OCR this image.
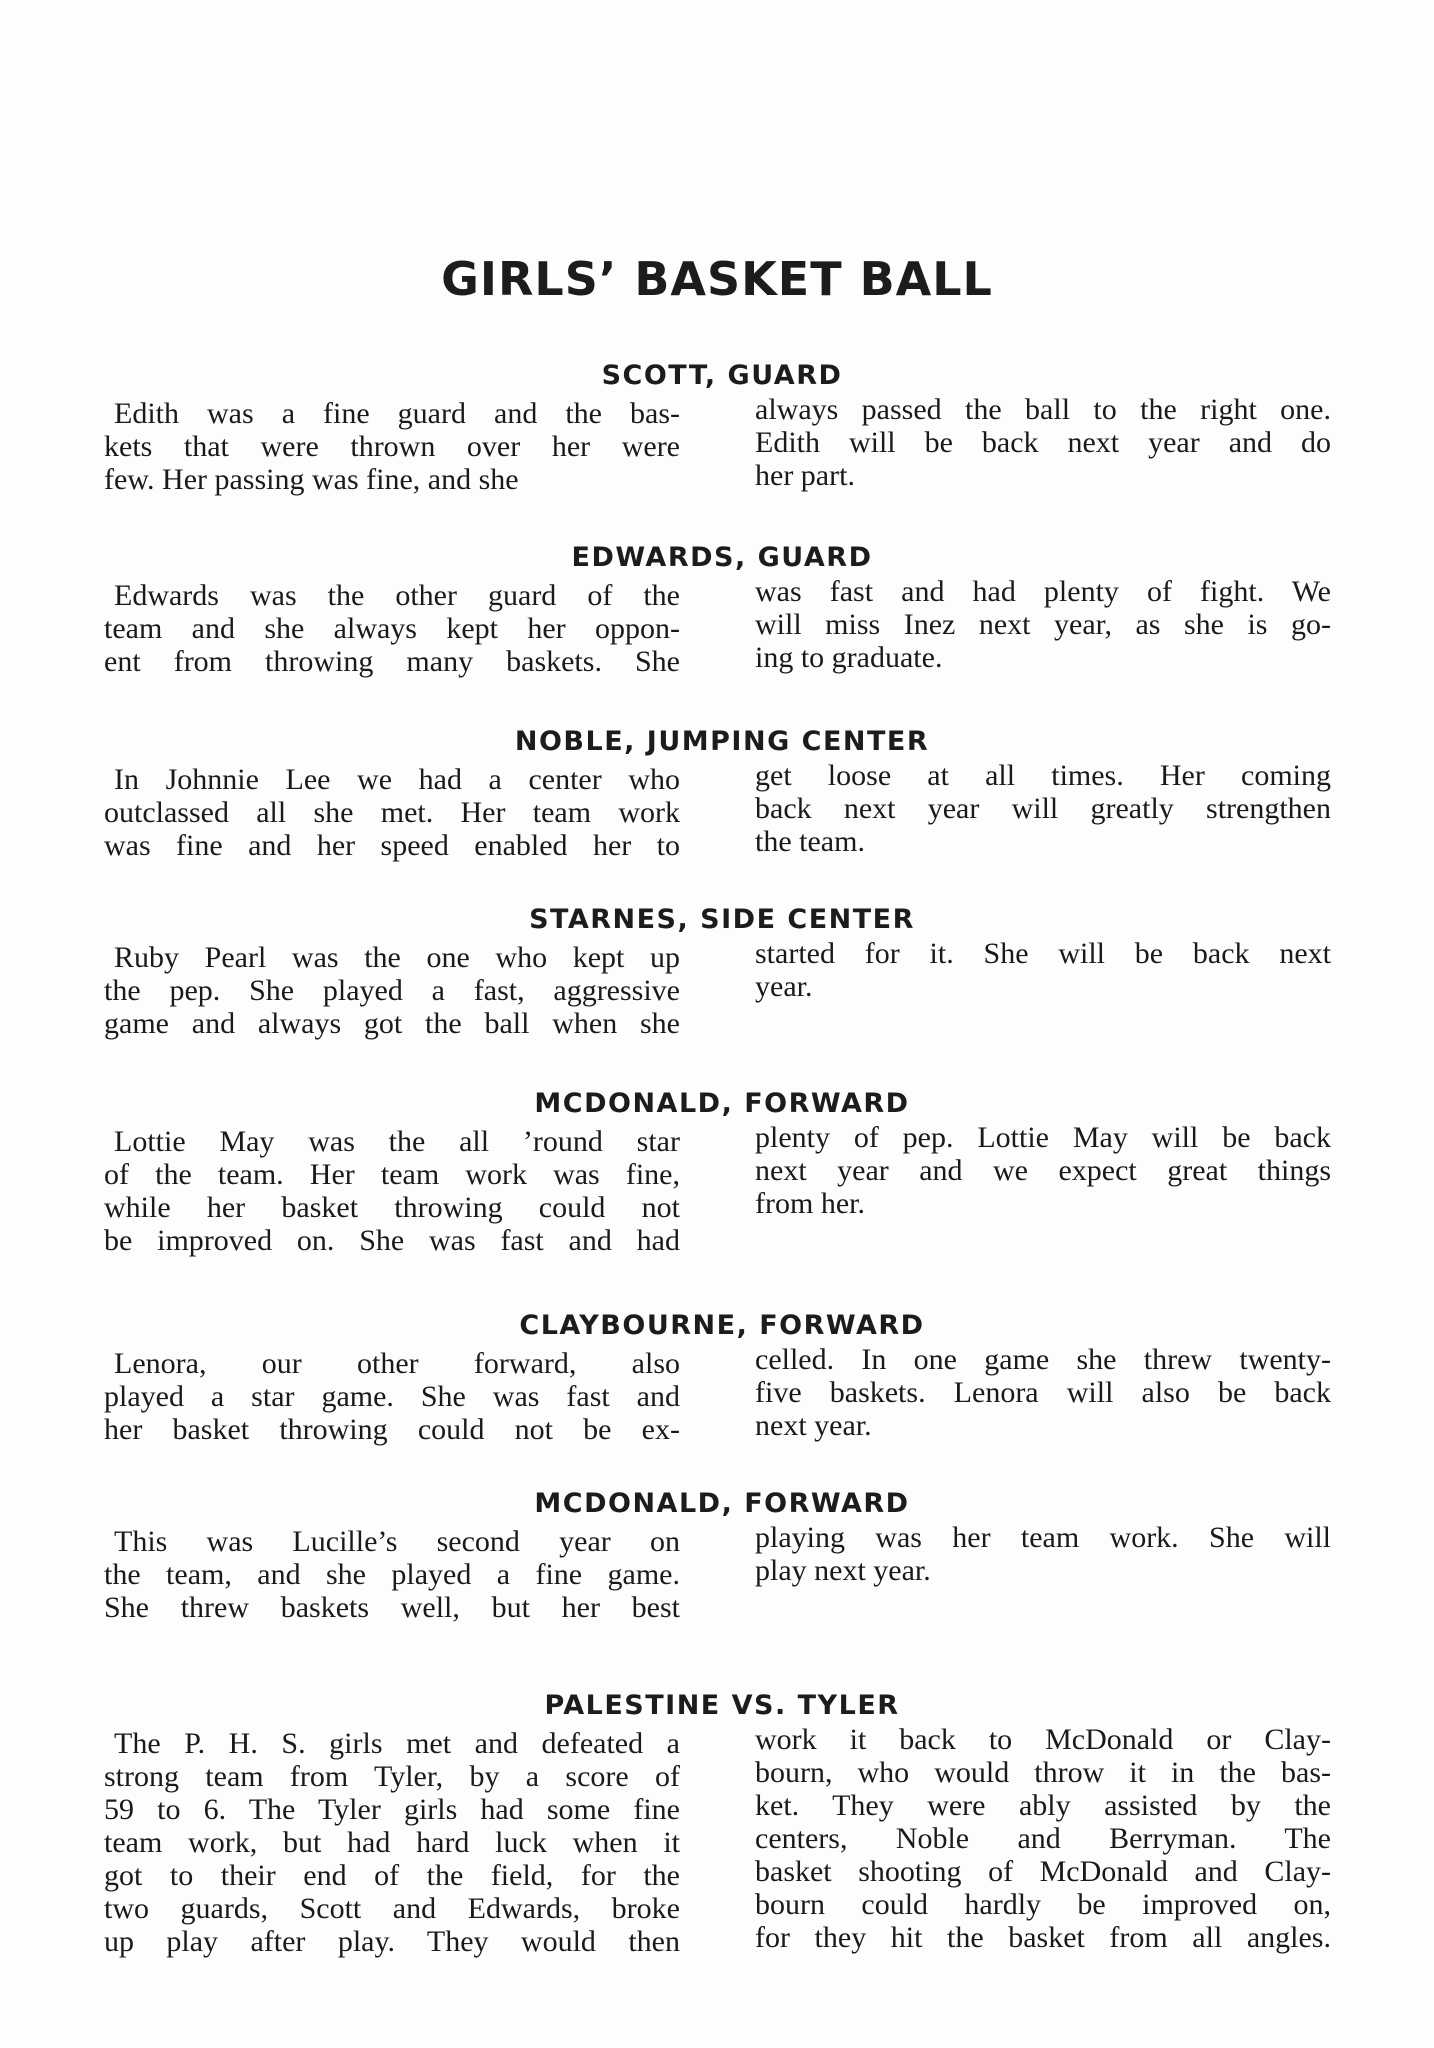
GIRLS’ BASKET BALL
SCOTT, GUARD
Edith was a fine guard and the bas-
kets that were thrown over her were
few. Her passing was fine, and she
always passed the ball to the right one.
Edith will be back next year and do
her part.
EDWARDS, GUARD
Edwards was the other guard of the
team and she always kept her oppon-
ent from throwing many baskets. She
was fast and had plenty of fight. We
will miss Inez next year, as she is go-
ing to graduate.
NOBLE, JUMPING CENTER
In Johnnie Lee we had a center who
outclassed all she met. Her team work
was fine and her speed enabled her to
get loose at all times. Her coming
back next year will greatly strengthen
the team.
STARNES, SIDE CENTER
Ruby Pearl was the one who kept up
the pep. She played a fast, aggressive
game and always got the ball when she
started for it. She will be back next
year.
MCDONALD, FORWARD
Lottie May was the all ’round star
of the team. Her team work was fine,
while her basket throwing could not
be improved on. She was fast and had
plenty of pep. Lottie May will be back
next year and we expect great things
from her.
CLAYBOURNE, FORWARD
Lenora, our other forward, also
played a star game. She was fast and
her basket throwing could not be ex-
celled. In one game she threw twenty-
five baskets. Lenora will also be back
next year.
MCDONALD, FORWARD
This was Lucille’s second year on
the team, and she played a fine game.
She threw baskets well, but her best
playing was her team work. She will
play next year.
PALESTINE VS. TYLER
The P. H. S. girls met and defeated a
strong team from Tyler, by a score of
59 to 6. The Tyler girls had some fine
team work, but had hard luck when it
got to their end of the field, for the
two guards, Scott and Edwards, broke
up play after play. They would then
work it back to McDonald or Clay-
bourn, who would throw it in the bas-
ket. They were ably assisted by the
centers, Noble and Berryman. The
basket shooting of McDonald and Clay-
bourn could hardly be improved on,
for they hit the basket from all angles.
